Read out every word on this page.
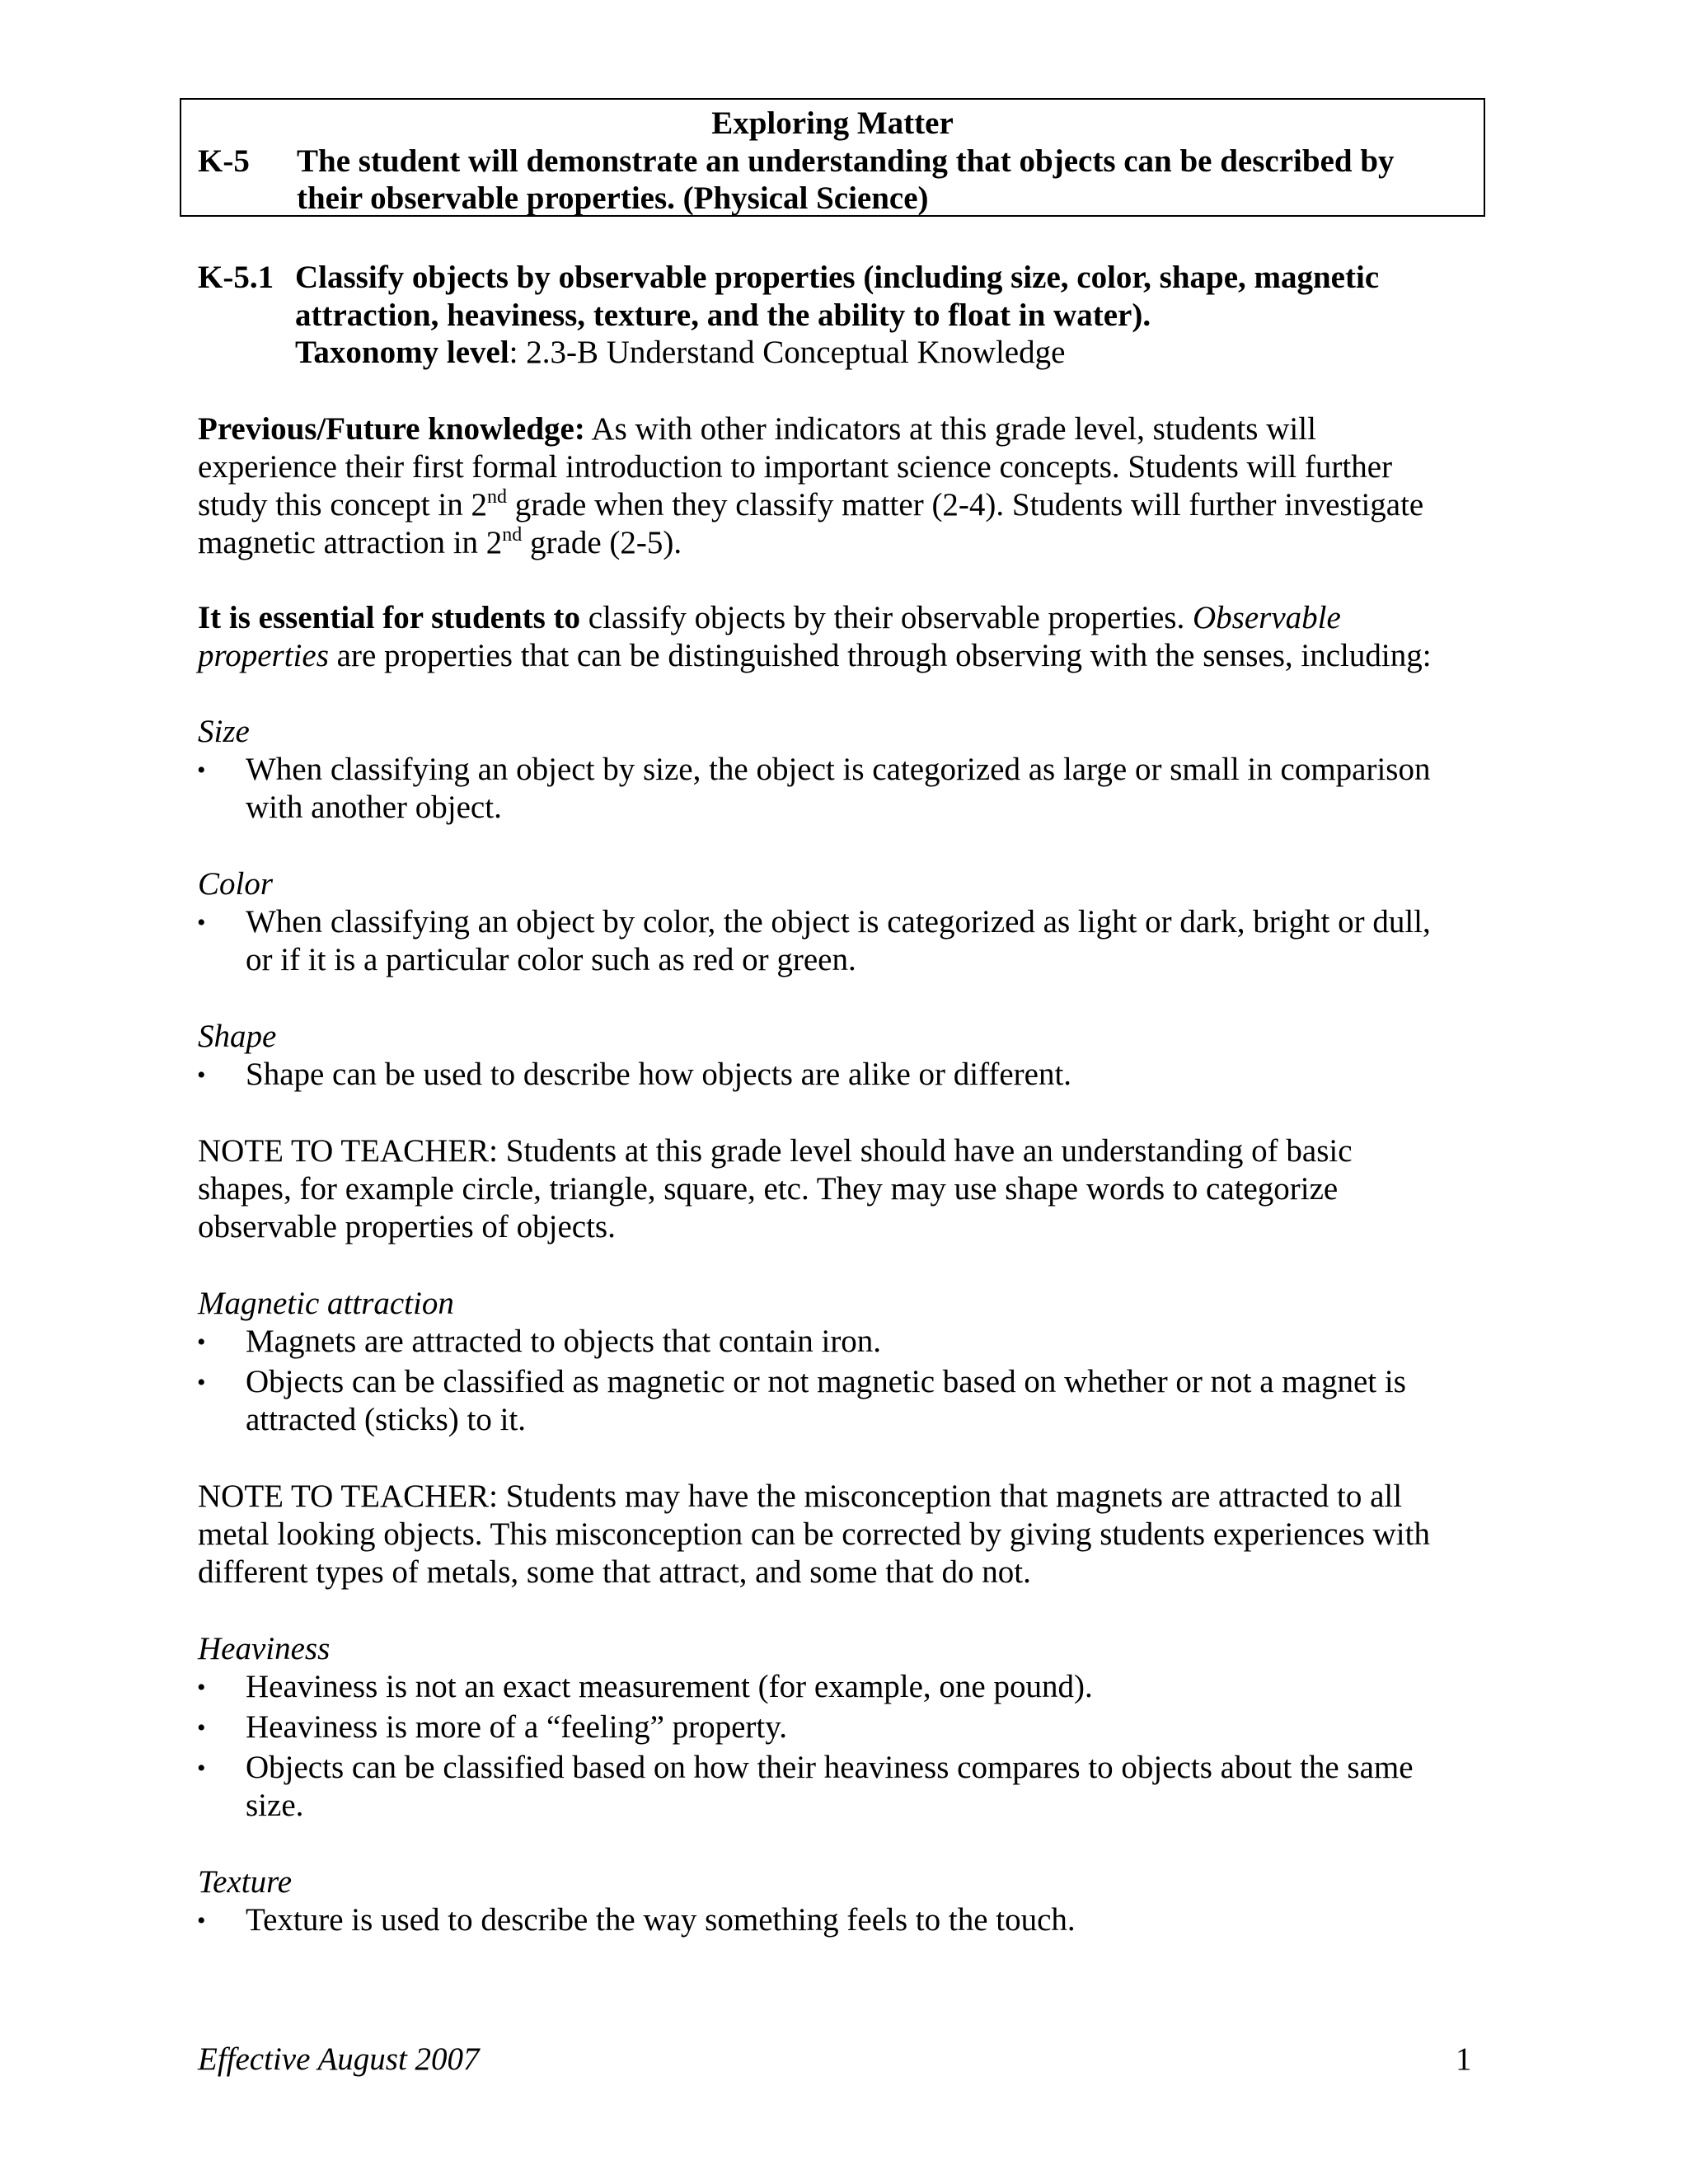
Exploring Matter
K-5 The student will demonstrate an understanding that objects can be described by
their observable properties. (Physical Science)
K-5.1 Classify objects by observable properties (including size, color, shape, magnetic
attraction, heaviness, texture, and the ability to float in water).
Taxonomy level: 2.3-B Understand Conceptual Knowledge
Previous/Future knowledge: As with other indicators at this grade level, students will
experience their first formal introduction to important science concepts. Students will further
study this concept in 2nd grade when they classify matter (2-4). Students will further investigate
magnetic attraction in 2nd grade (2-5).
It is essential for students to classify objects by their observable properties. Observable
properties are properties that can be distinguished through observing with the senses, including:
Size
• When classifying an object by size, the object is categorized as large or small in comparison
with another object.
Color
• When classifying an object by color, the object is categorized as light or dark, bright or dull,
or if it is a particular color such as red or green.
Shape
• Shape can be used to describe how objects are alike or different.
NOTE TO TEACHER: Students at this grade level should have an understanding of basic
shapes, for example circle, triangle, square, etc. They may use shape words to categorize
observable properties of objects.
Magnetic attraction
• Magnets are attracted to objects that contain iron.
• Objects can be classified as magnetic or not magnetic based on whether or not a magnet is
attracted (sticks) to it.
NOTE TO TEACHER: Students may have the misconception that magnets are attracted to all
metal looking objects. This misconception can be corrected by giving students experiences with
different types of metals, some that attract, and some that do not.
Heaviness
• Heaviness is not an exact measurement (for example, one pound).
• Heaviness is more of a “feeling” property.
• Objects can be classified based on how their heaviness compares to objects about the same
size.
Texture
• Texture is used to describe the way something feels to the touch.
Effective August 2007	1
